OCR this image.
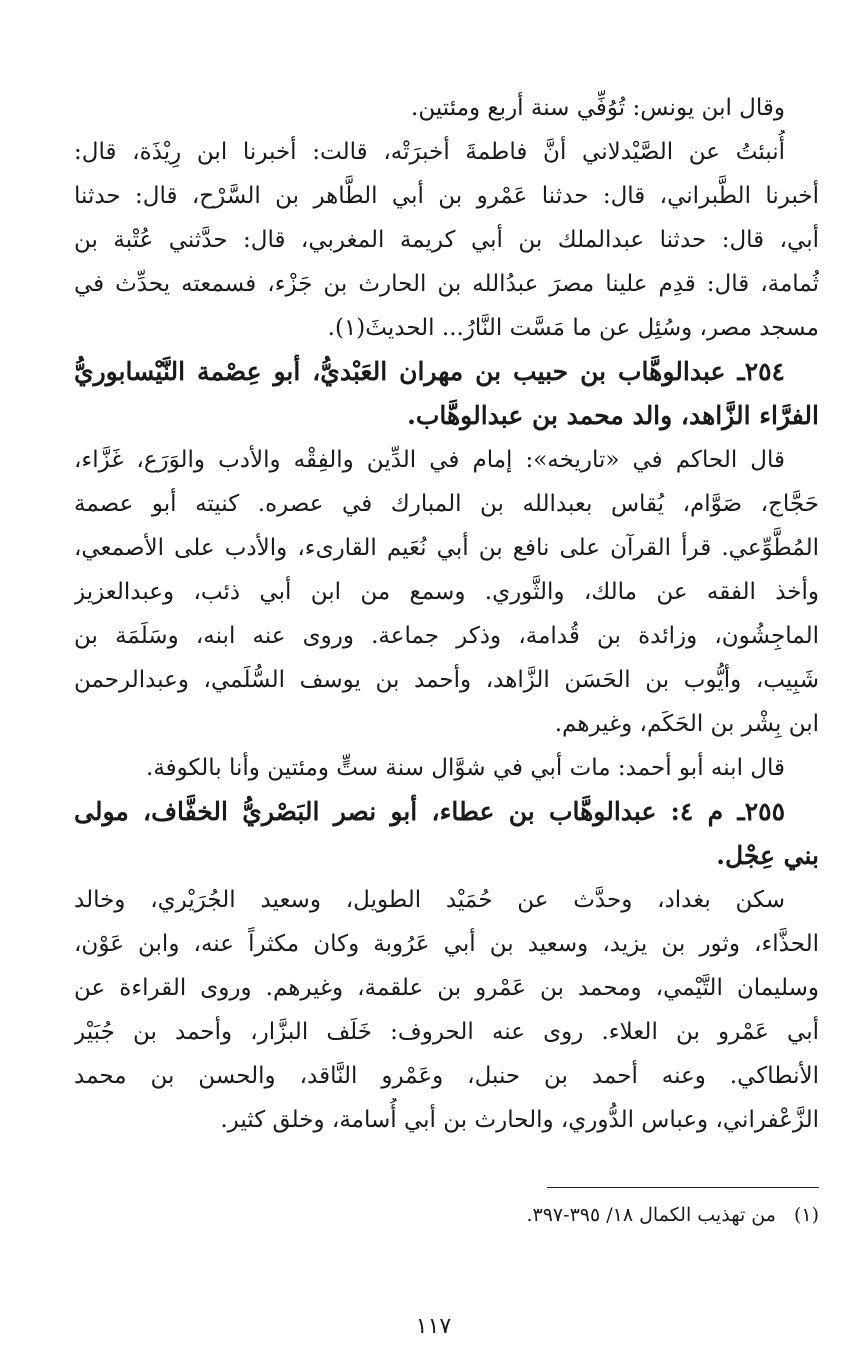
وقال ابن يونس: تُوُفِّي سنة أربع ومئتين.
أُنبئتُ عن الصَّيْدلاني أنَّ فاطمةَ أخبرَتْه، قالت: أخبرنا ابن رِيْذَة، قال:
أخبرنا الطَّبراني، قال: حدثنا عَمْرو بن أبي الطَّاهر بن السَّرْح، قال: حدثنا
أبي، قال: حدثنا عبدالملك بن أبي كريمة المغربي، قال: حدَّثني عُتْبة بن
ثُمامة، قال: قدِم علينا مصرَ عبدُالله بن الحارث بن جَزْء، فسمعته يحدِّث في
مسجد مصر، وسُئِل عن ما مَسَّت النَّارُ... الحديثَ(١).
٢٥٤ـ عبدالوهَّاب بن حبيب بن مهران العَبْديُّ، أبو عِصْمة النَّيْسابوريُّ
الفرَّاء الزَّاهد، والد محمد بن عبدالوهَّاب.
قال الحاكم في «تاريخه»: إمام في الدِّين والفِقْه والأدب والوَرَع، غَزَّاء،
حَجَّاج، صَوَّام، يُقاس بعبدالله بن المبارك في عصره. كنيته أبو عصمة
المُطَّوِّعي. قرأ القرآن على نافع بن أبي نُعَيم القارىء، والأدب على الأصمعي،
وأخذ الفقه عن مالك، والثَّوري. وسمع من ابن أبي ذئب، وعبدالعزيز
الماجِشُون، وزائدة بن قُدامة، وذكر جماعة. وروى عنه ابنه، وسَلَمَة بن
شَبِيب، وأيُّوب بن الحَسَن الزَّاهد، وأحمد بن يوسف السُّلَمي، وعبدالرحمن
ابن بِشْر بن الحَكَم، وغيرهم.
قال ابنه أبو أحمد: مات أبي في شوَّال سنة ستٍّ ومئتين وأنا بالكوفة.
٢٥٥ـ م ٤: عبدالوهَّاب بن عطاء، أبو نصر البَصْريُّ الخفَّاف، مولى
بني عِجْل.
سكن بغداد، وحدَّث عن حُمَيْد الطويل، وسعيد الجُرَيْري، وخالد
الحذَّاء، وثور بن يزيد، وسعيد بن أبي عَرُوبة وكان مكثراً عنه، وابن عَوْن،
وسليمان التَّيْمي، ومحمد بن عَمْرو بن علقمة، وغيرهم. وروى القراءة عن
أبي عَمْرو بن العلاء. روى عنه الحروف: خَلَف البزَّار، وأحمد بن جُبَيْر
الأنطاكي. وعنه أحمد بن حنبل، وعَمْرو النَّاقد، والحسن بن محمد
الزَّعْفراني، وعباس الدُّوري، والحارث بن أبي أُسامة، وخلق كثير.
(١)من تهذيب الكمال ١٨/ ٣٩٥-٣٩٧.
١١٧
